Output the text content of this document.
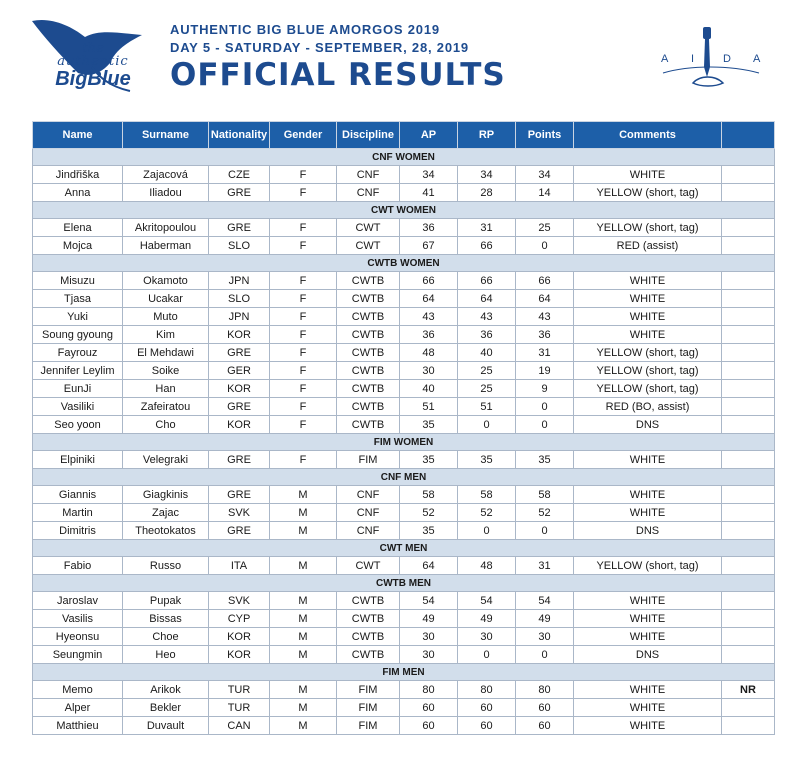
the
authentic
BigBlue
AUTHENTIC BIG BLUE AMORGOS 2019
DAY 5 - SATURDAY - SEPTEMBER, 28, 2019
OFFICIAL RESULTS	A I	D A
Name	Surname	Nationality	Gender	Discipline	AP	RP	Points	Comments	
CNF WOMEN									
Jindřiška	Zajacová	CZE	F	CNF	34	34	34	WHITE	
Anna	Iliadou	GRE	F	CNF	41	28	14	YELLOW (short, tag)	
CWT WOMEN									
Elena	Akritopoulou	GRE	F	CWT	36	31	25	YELLOW (short, tag)	
Mojca	Haberman	SLO	F	CWT	67	66	0	RED (assist)	
CWTB WOMEN									
Misuzu	Okamoto	JPN	F	CWTB	66	66	66	WHITE	
Tjasa	Ucakar	SLO	F	CWTB	64	64	64	WHITE	
Yuki	Muto	JPN	F	CWTB	43	43	43	WHITE	
Soung gyoung	Kim	KOR	F	CWTB	36	36	36	WHITE	
Fayrouz	El Mehdawi	GRE	F	CWTB	48	40	31	YELLOW (short, tag)	
Jennifer Leylim	Soike	GER	F	CWTB	30	25	19	YELLOW (short, tag)	
EunJi	Han	KOR	F	CWTB	40	25	9	YELLOW (short, tag)	
Vasiliki	Zafeiratou	GRE	F	CWTB	51	51	0	RED (BO, assist)	
Seo yoon	Cho	KOR	F	CWTB	35	0	0	DNS	
FIM WOMEN									
Elpiniki	Velegraki	GRE	F	FIM	35	35	35	WHITE	
CNF MEN									
Giannis	Giagkinis	GRE	M	CNF	58	58	58	WHITE	
Martin	Zajac	SVK	M	CNF	52	52	52	WHITE	
Dimitris	Theotokatos	GRE	M	CNF	35	0	0	DNS	
CWT MEN									
Fabio	Russo	ITA	M	CWT	64	48	31	YELLOW (short, tag)	
CWTB MEN									
Jaroslav	Pupak	SVK	M	CWTB	54	54	54	WHITE	
Vasilis	Bissas	CYP	M	CWTB	49	49	49	WHITE	
Hyeonsu	Choe	KOR	M	CWTB	30	30	30	WHITE	
Seungmin	Heo	KOR	M	CWTB	30	0	0	DNS	
FIM MEN									
Memo	Arikok	TUR	M	FIM	80	80	80	WHITE	NR
Alper	Bekler	TUR	M	FIM	60	60	60	WHITE	
Matthieu	Duvault	CAN	M	FIM	60	60	60	WHITE	
